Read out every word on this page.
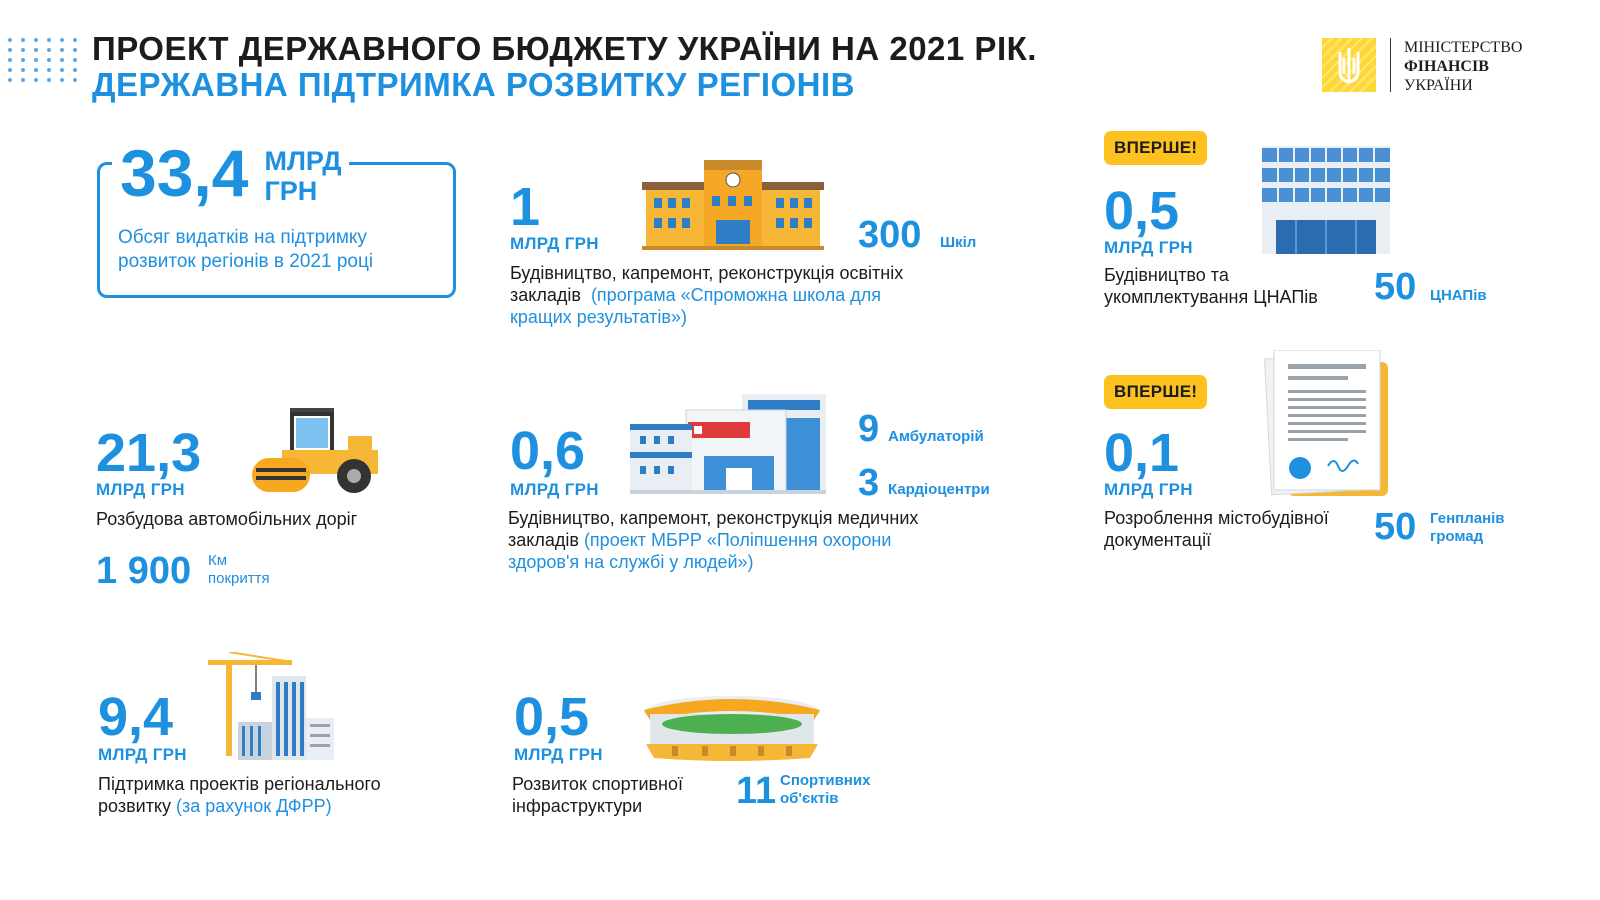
ПРОЕКТ ДЕРЖАВНОГО БЮДЖЕТУ УКРАЇНИ НА 2021 РІК.
ДЕРЖАВНА ПІДТРИМКА РОЗВИТКУ РЕГІОНІВ
МІНІСТЕРСТВО
ФІНАНСІВ
УКРАЇНИ
33,4 МЛРД
ГРН
Обсяг видатків на підтримку
розвиток регіонів в 2021 році
1
МЛРД ГРН	300 Шкіл
Будівництво, капремонт, реконструкція освітніх
закладів (програма «Спроможна школа для
кращих результатів»)
ВПЕРШЕ!
0,5
МЛРД ГРН
Будівництво та
укомплектування ЦНАПів 50 ЦНАПів
21,3
МЛРД ГРН
Розбудова автомобільних доріг
1 900 Км
покриття
0,6
МЛРД ГРН
9 Амбулаторій
3 Кардіоцентри
Будівництво, капремонт, реконструкція медичних
закладів (проект МБРР «Поліпшення охорони
здоров'я на службі у людей»)
ВПЕРШЕ!
0,1
МЛРД ГРН
Розроблення містобудівної
документації	50 Генпланів
громад
9,4
МЛРД ГРН
Підтримка проектів регіонального
розвитку (за рахунок ДФРР)
0,5
МЛРД ГРН
Розвиток спортивної
інфраструктури	11 Спортивних
об'єктів
